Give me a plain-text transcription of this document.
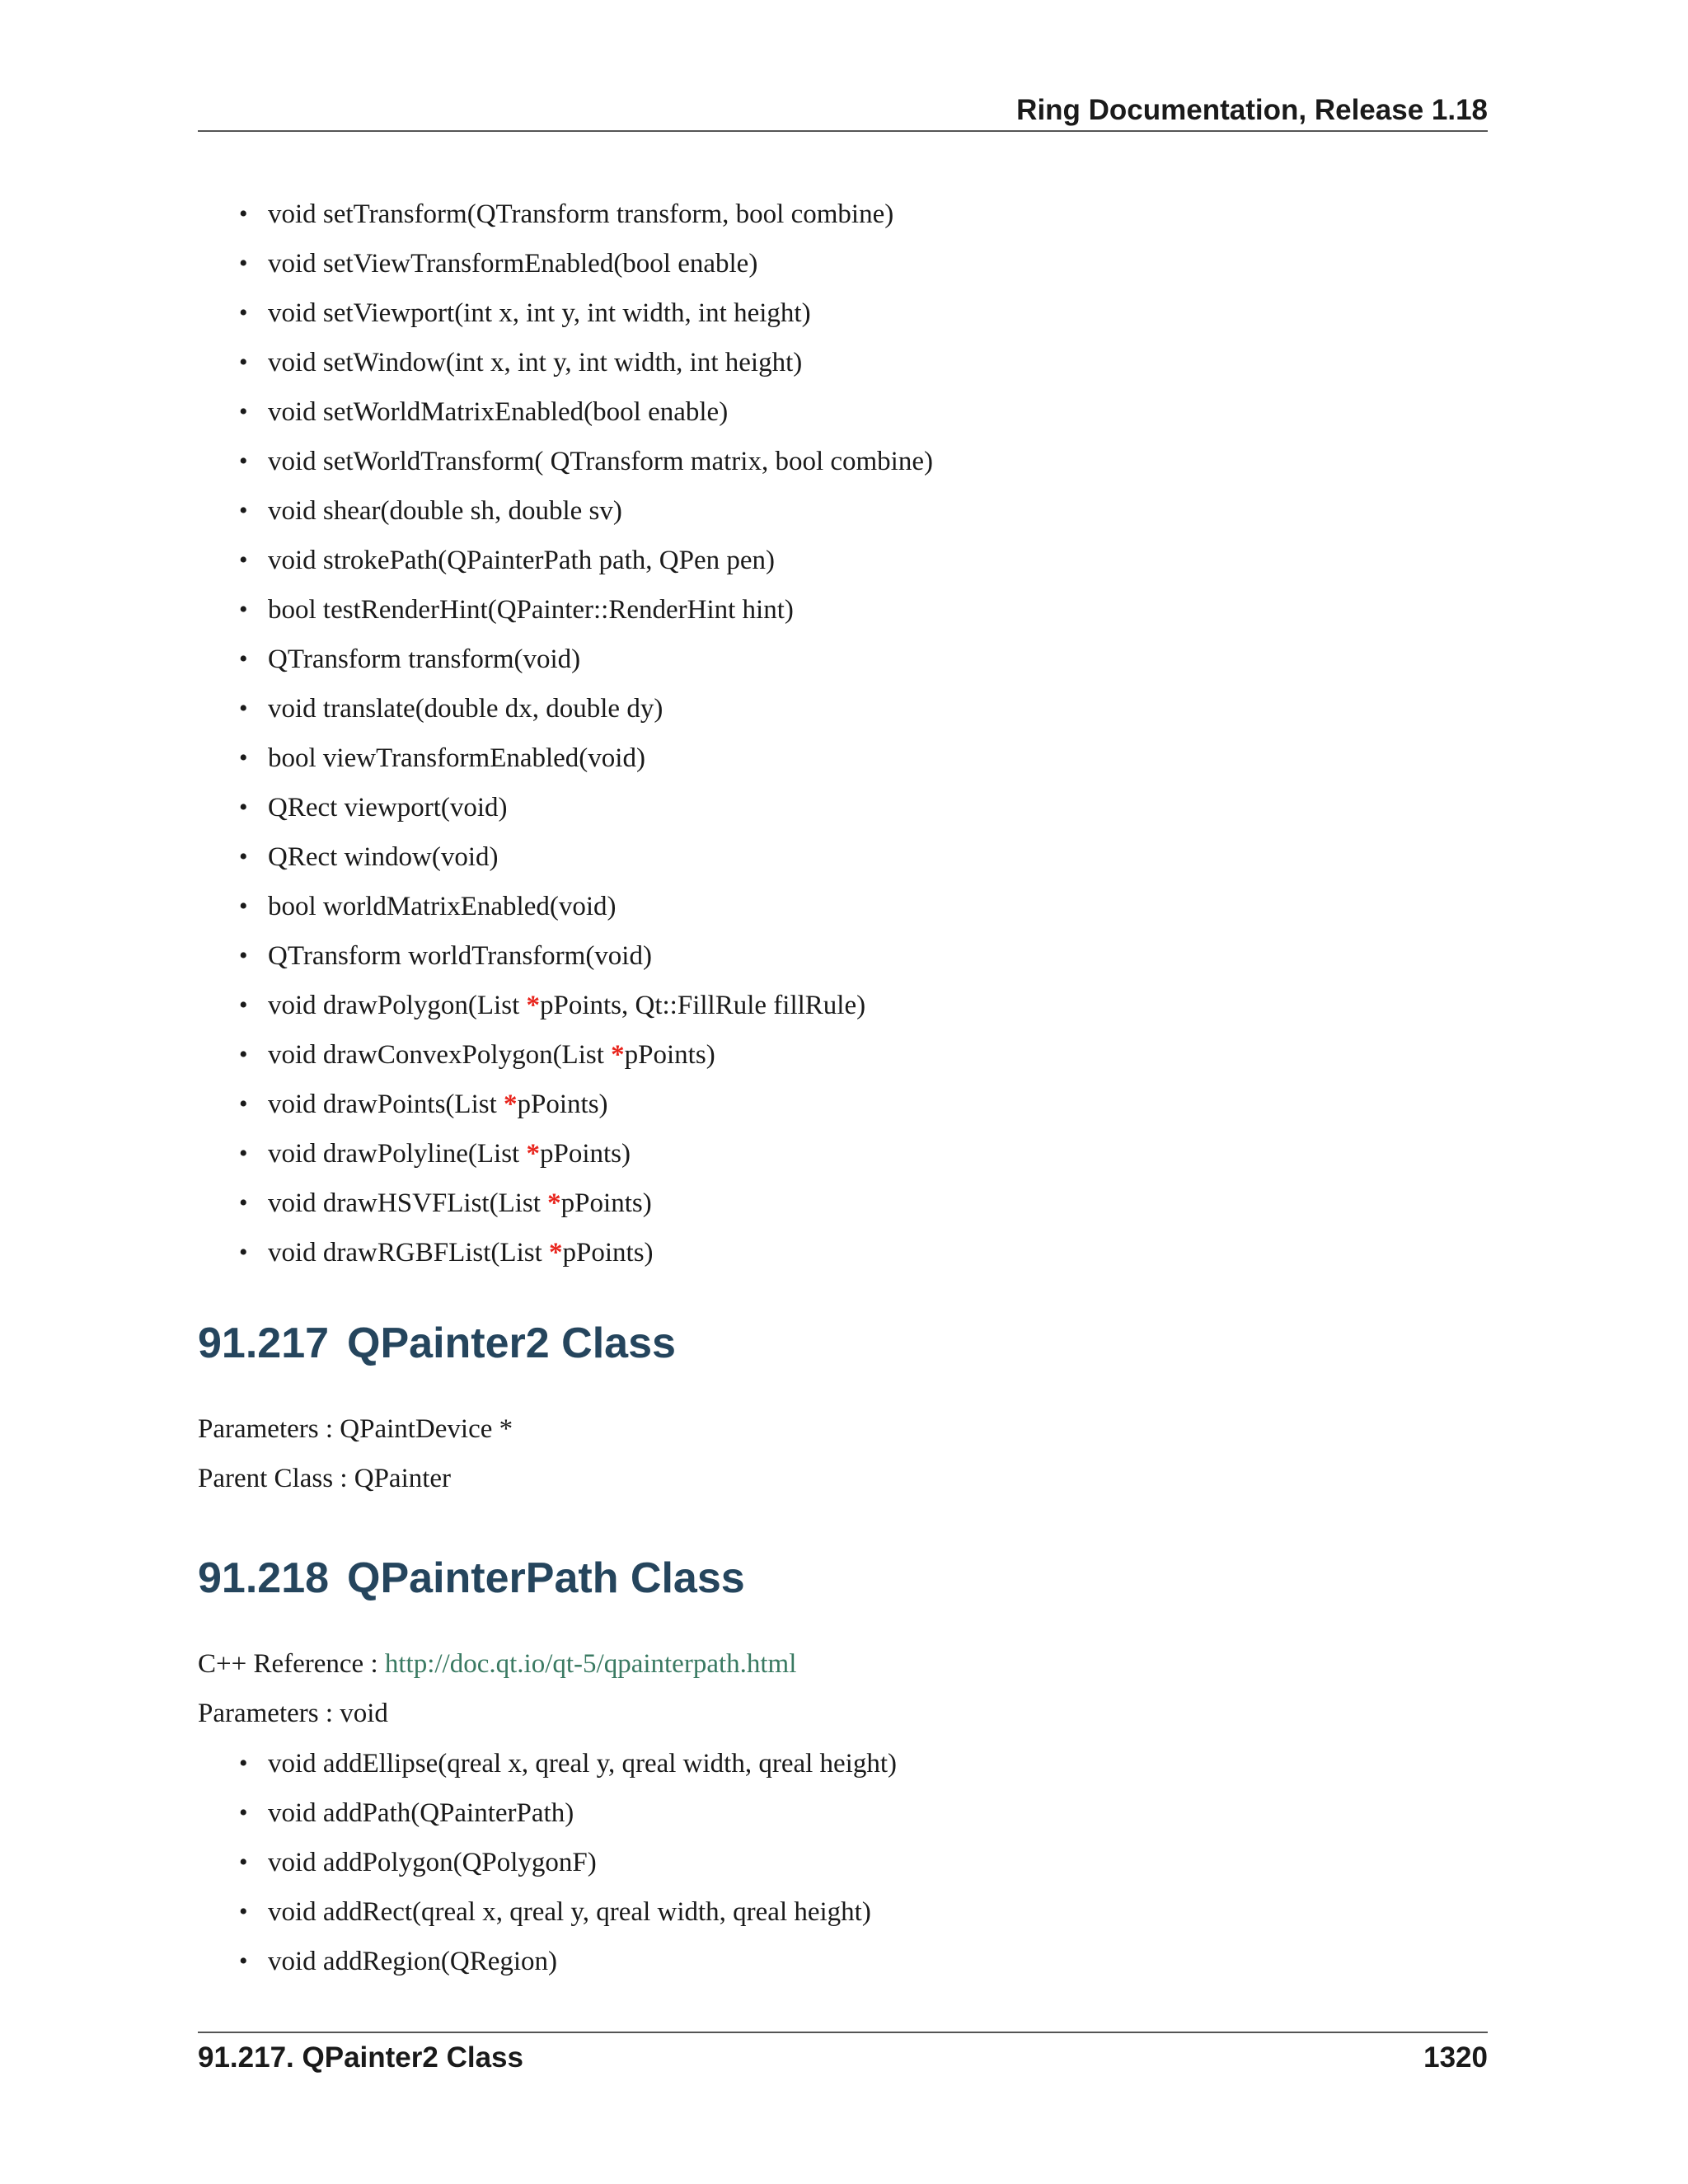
Ring Documentation, Release 1.18
• void setTransform(QTransform transform, bool combine)
• void setViewTransformEnabled(bool enable)
• void setViewport(int x, int y, int width, int height)
• void setWindow(int x, int y, int width, int height)
• void setWorldMatrixEnabled(bool enable)
• void setWorldTransform( QTransform matrix, bool combine)
• void shear(double sh, double sv)
• void strokePath(QPainterPath path, QPen pen)
• bool testRenderHint(QPainter::RenderHint hint)
• QTransform transform(void)
• void translate(double dx, double dy)
• bool viewTransformEnabled(void)
• QRect viewport(void)
• QRect window(void)
• bool worldMatrixEnabled(void)
• QTransform worldTransform(void)
• void drawPolygon(List *pPoints, Qt::FillRule fillRule)
• void drawConvexPolygon(List *pPoints)
• void drawPoints(List *pPoints)
• void drawPolyline(List *pPoints)
• void drawHSVFList(List *pPoints)
• void drawRGBFList(List *pPoints)
91.217 QPainter2 Class
Parameters : QPaintDevice *
Parent Class : QPainter
91.218 QPainterPath Class
C++ Reference : http://doc.qt.io/qt-5/qpainterpath.html
Parameters : void
• void addEllipse(qreal x, qreal y, qreal width, qreal height)
• void addPath(QPainterPath)
• void addPolygon(QPolygonF)
• void addRect(qreal x, qreal y, qreal width, qreal height)
• void addRegion(QRegion)
91.217. QPainter2 Class	1320
